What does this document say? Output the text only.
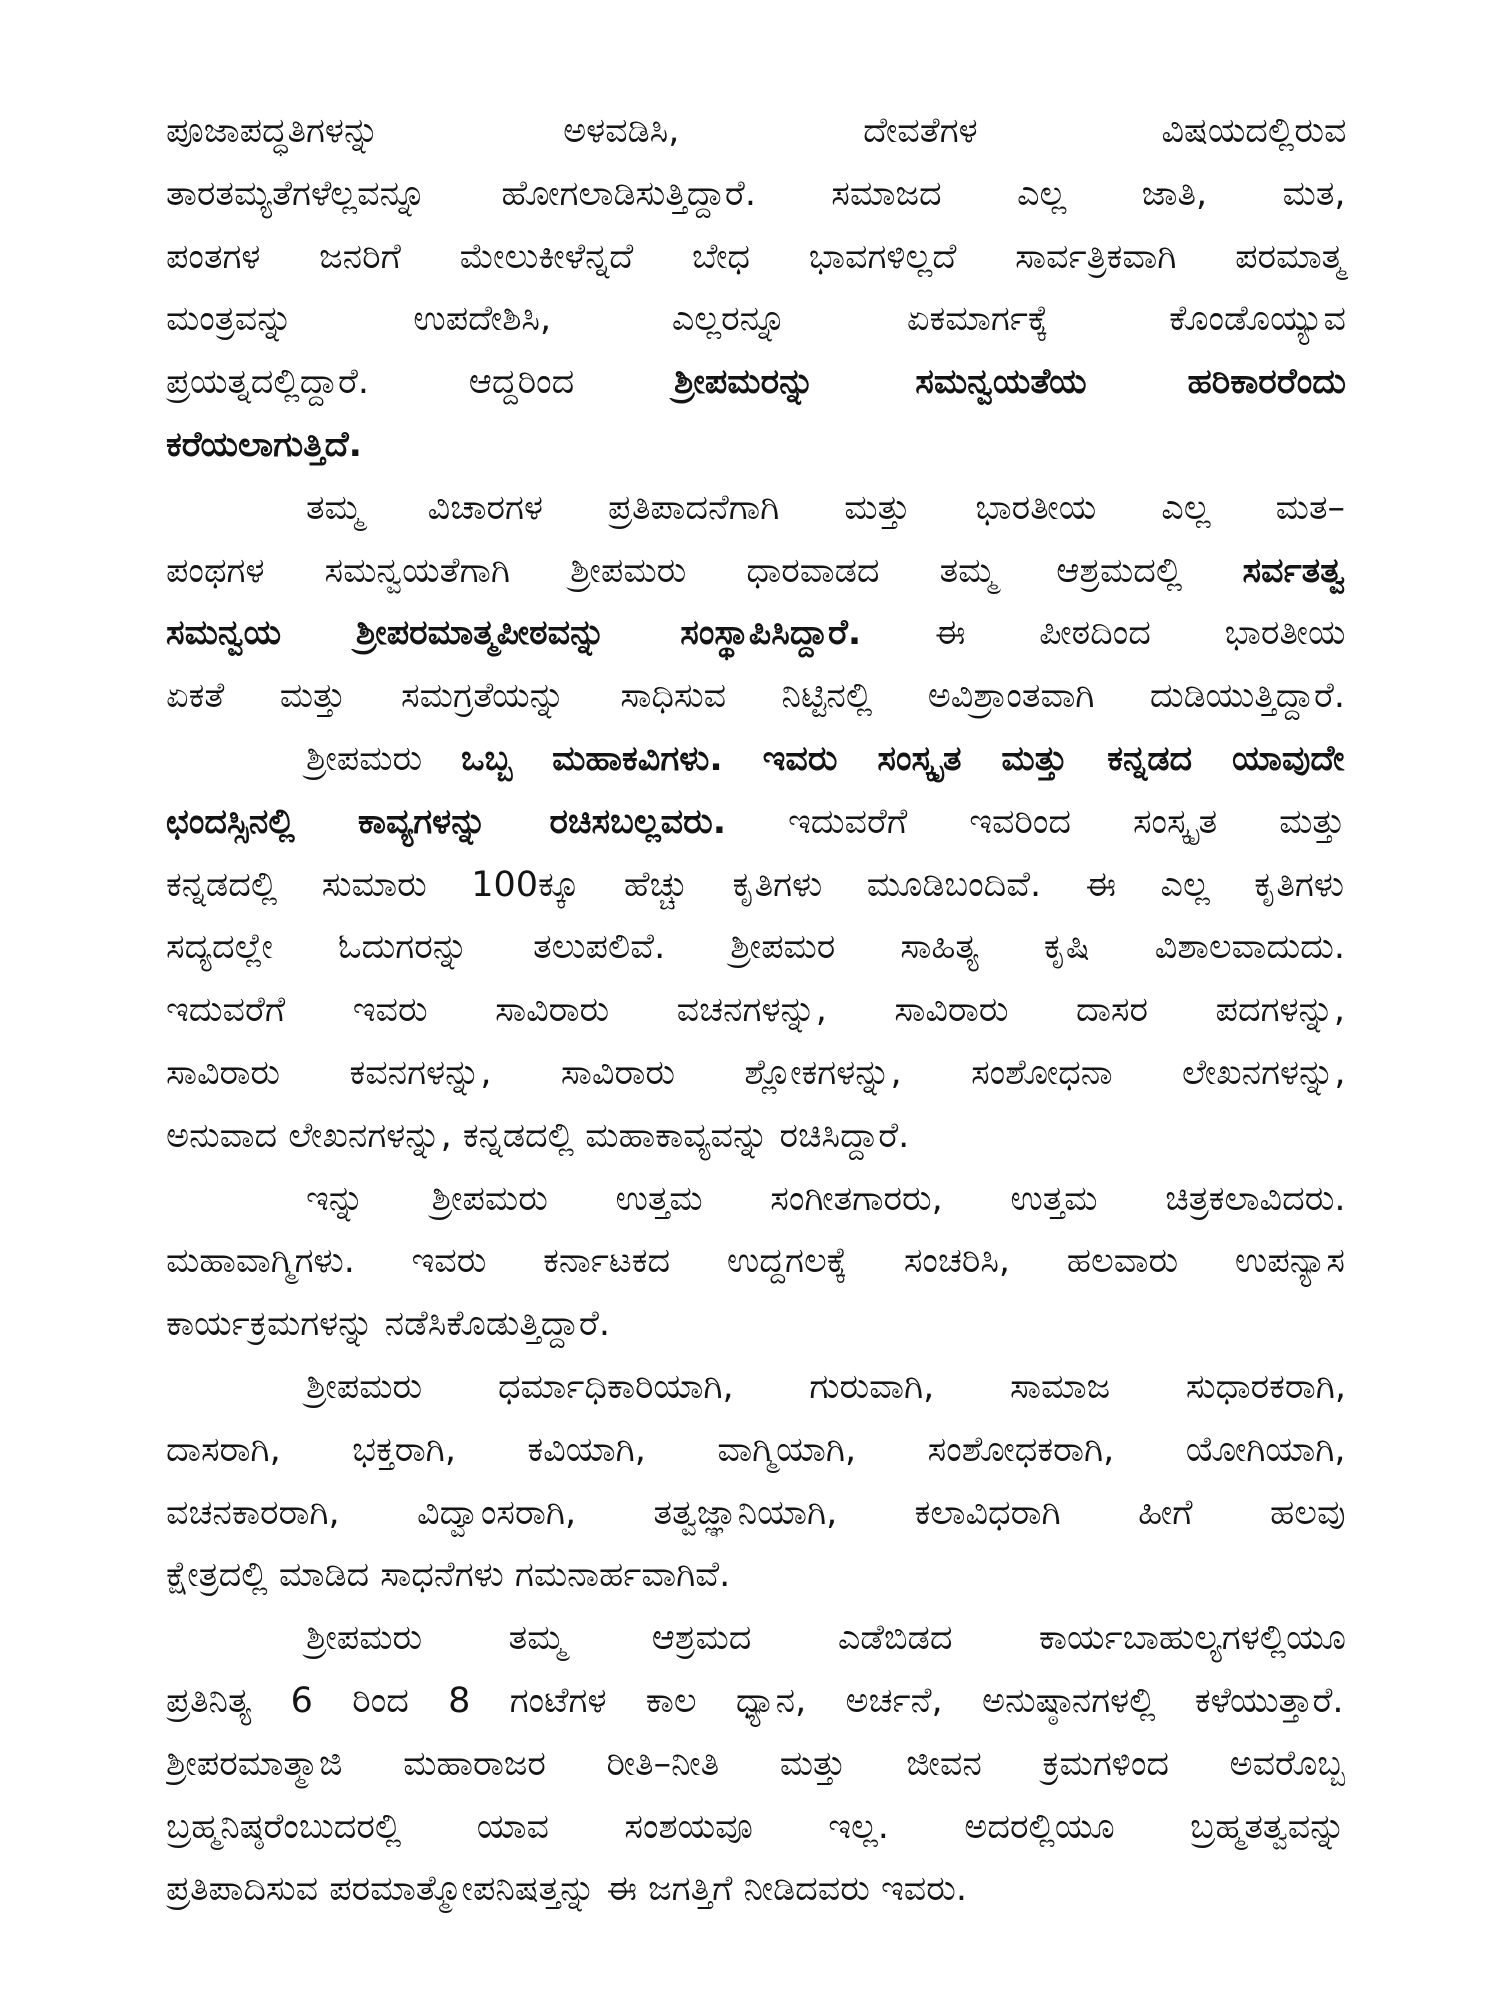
ಪೂಜಾಪದ್ಧತಿಗಳನ್ನು ಅಳವಡಿಸಿ, ದೇವತೆಗಳ ವಿಷಯದಲ್ಲಿರುವ
ತಾರತಮ್ಯತೆಗಳೆಲ್ಲವನ್ನೂ ಹೋಗಲಾಡಿಸುತ್ತಿದ್ದಾರೆ. ಸಮಾಜದ ಎಲ್ಲ ಜಾತಿ, ಮತ,
ಪಂತಗಳ ಜನರಿಗೆ ಮೇಲುಕೀಳೆನ್ನದೆ ಬೇಧ ಭಾವಗಳಿಲ್ಲದೆ ಸಾರ್ವತ್ರಿಕವಾಗಿ ಪರಮಾತ್ಮ
ಮಂತ್ರವನ್ನು ಉಪದೇಶಿಸಿ, ಎಲ್ಲರನ್ನೂ ಏಕಮಾರ್ಗಕ್ಕೆ ಕೊಂಡೊಯ್ಯುವ
ಪ್ರಯತ್ನದಲ್ಲಿದ್ದಾರೆ. ಆದ್ದರಿಂದ ಶ್ರೀಪಮರನ್ನು ಸಮನ್ವಯತೆಯ ಹರಿಕಾರರೆಂದು
ಕರೆಯಲಾಗುತ್ತಿದೆ.
ತಮ್ಮ ವಿಚಾರಗಳ ಪ್ರತಿಪಾದನೆಗಾಗಿ ಮತ್ತು ಭಾರತೀಯ ಎಲ್ಲ ಮತ–
ಪಂಥಗಳ ಸಮನ್ವಯತೆಗಾಗಿ ಶ್ರೀಪಮರು ಧಾರವಾಡದ ತಮ್ಮ ಆಶ್ರಮದಲ್ಲಿ ಸರ್ವತತ್ವ
ಸಮನ್ವಯ ಶ್ರೀಪರಮಾತ್ಮಪೀಠವನ್ನು ಸಂಸ್ಥಾಪಿಸಿದ್ದಾರೆ. ಈ ಪೀಠದಿಂದ ಭಾರತೀಯ
ಏಕತೆ ಮತ್ತು ಸಮಗ್ರತೆಯನ್ನು ಸಾಧಿಸುವ ನಿಟ್ಟಿನಲ್ಲಿ ಅವಿಶ್ರಾಂತವಾಗಿ ದುಡಿಯುತ್ತಿದ್ದಾರೆ.
ಶ್ರೀಪಮರು ಒಬ್ಬ ಮಹಾಕವಿಗಳು. ಇವರು ಸಂಸ್ಕೃತ ಮತ್ತು ಕನ್ನಡದ ಯಾವುದೇ
ಛಂದಸ್ಸಿನಲ್ಲಿ ಕಾವ್ಯಗಳನ್ನು ರಚಿಸಬಲ್ಲವರು. ಇದುವರೆಗೆ ಇವರಿಂದ ಸಂಸ್ಕೃತ ಮತ್ತು
ಕನ್ನಡದಲ್ಲಿ ಸುಮಾರು 100ಕ್ಕೂ ಹೆಚ್ಚು ಕೃತಿಗಳು ಮೂಡಿಬಂದಿವೆ. ಈ ಎಲ್ಲ ಕೃತಿಗಳು
ಸದ್ಯದಲ್ಲೇ ಓದುಗರನ್ನು ತಲುಪಲಿವೆ. ಶ್ರೀಪಮರ ಸಾಹಿತ್ಯ ಕೃಷಿ ವಿಶಾಲವಾದುದು.
ಇದುವರೆಗೆ ಇವರು ಸಾವಿರಾರು ವಚನಗಳನ್ನು, ಸಾವಿರಾರು ದಾಸರ ಪದಗಳನ್ನು,
ಸಾವಿರಾರು ಕವನಗಳನ್ನು, ಸಾವಿರಾರು ಶ್ಲೋಕಗಳನ್ನು, ಸಂಶೋಧನಾ ಲೇಖನಗಳನ್ನು,
ಅನುವಾದ ಲೇಖನಗಳನ್ನು, ಕನ್ನಡದಲ್ಲಿ ಮಹಾಕಾವ್ಯವನ್ನು ರಚಿಸಿದ್ದಾರೆ.
ಇನ್ನು ಶ್ರೀಪಮರು ಉತ್ತಮ ಸಂಗೀತಗಾರರು, ಉತ್ತಮ ಚಿತ್ರಕಲಾವಿದರು.
ಮಹಾವಾಗ್ಮಿಗಳು. ಇವರು ಕರ್ನಾಟಕದ ಉದ್ದಗಲಕ್ಕೆ ಸಂಚರಿಸಿ, ಹಲವಾರು ಉಪನ್ಯಾಸ
ಕಾರ್ಯಕ್ರಮಗಳನ್ನು ನಡೆಸಿಕೊಡುತ್ತಿದ್ದಾರೆ.
ಶ್ರೀಪಮರು ಧರ್ಮಾಧಿಕಾರಿಯಾಗಿ, ಗುರುವಾಗಿ, ಸಾಮಾಜ ಸುಧಾರಕರಾಗಿ,
ದಾಸರಾಗಿ, ಭಕ್ತರಾಗಿ, ಕವಿಯಾಗಿ, ವಾಗ್ಮಿಯಾಗಿ, ಸಂಶೋಧಕರಾಗಿ, ಯೋಗಿಯಾಗಿ,
ವಚನಕಾರರಾಗಿ, ವಿದ್ವಾಂಸರಾಗಿ, ತತ್ವಜ್ಞಾನಿಯಾಗಿ, ಕಲಾವಿಧರಾಗಿ ಹೀಗೆ ಹಲವು
ಕ್ಷೇತ್ರದಲ್ಲಿ ಮಾಡಿದ ಸಾಧನೆಗಳು ಗಮನಾರ್ಹವಾಗಿವೆ.
ಶ್ರೀಪಮರು ತಮ್ಮ ಆಶ್ರಮದ ಎಡೆಬಿಡದ ಕಾರ್ಯಬಾಹುಲ್ಯಗಳಲ್ಲಿಯೂ
ಪ್ರತಿನಿತ್ಯ 6 ರಿಂದ 8 ಗಂಟೆಗಳ ಕಾಲ ಧ್ಯಾನ, ಅರ್ಚನೆ, ಅನುಷ್ಠಾನಗಳಲ್ಲಿ ಕಳೆಯುತ್ತಾರೆ.
ಶ್ರೀಪರಮಾತ್ಮಾಜಿ ಮಹಾರಾಜರ ರೀತಿ–ನೀತಿ ಮತ್ತು ಜೀವನ ಕ್ರಮಗಳಿಂದ ಅವರೊಬ್ಬ
ಬ್ರಹ್ಮನಿಷ್ಠರೆಂಬುದರಲ್ಲಿ ಯಾವ ಸಂಶಯವೂ ಇಲ್ಲ. ಅದರಲ್ಲಿಯೂ ಬ್ರಹ್ಮತತ್ವವನ್ನು
ಪ್ರತಿಪಾದಿಸುವ ಪರಮಾತ್ಮೋಪನಿಷತ್ತನ್ನು ಈ ಜಗತ್ತಿಗೆ ನೀಡಿದವರು ಇವರು.
